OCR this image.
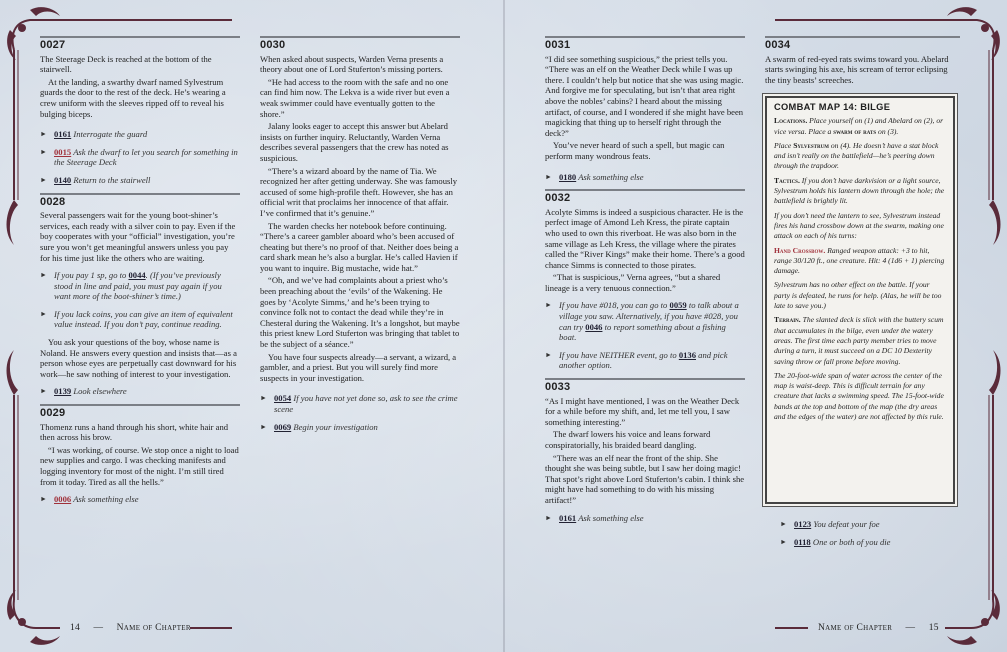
0027

The Steerage Deck is reached at the bottom of the stairwell.

At the landing, a swarthy dwarf named Sylvestrum guards the door to the rest of the deck. He’s wearing a crew uniform with the sleeves ripped off to reveal his bulging biceps.

► 0161 Interrogate the guard
► 0015 Ask the dwarf to let you search for something in the Steerage Deck
► 0140 Return to the stairwell
0028

Several passengers wait for the young boot-shiner’s services, each ready with a silver coin to pay. Even if the boy cooperates with your “official” investigation, you’re sure you won’t get meaningful answers unless you pay for his time just like the others who are waiting.

► If you pay 1 sp, go to 0044. (If you’ve previously stood in line and paid, you must pay again if you want more of the boot-shiner’s time.)
► If you lack coins, you can give an item of equivalent value instead. If you don’t pay, continue reading.

You ask your questions of the boy, whose name is Noland. He answers every question and insists that—as a person whose eyes are perpetually cast downward for his work—he saw nothing of interest to your investigation.

► 0139 Look elsewhere
0029

Thomenz runs a hand through his short, white hair and then across his brow.

“I was working, of course. We stop once a night to load new supplies and cargo. I was checking manifests and logging inventory for most of the night. I’m still tired from it today. Tired as all the hells.”

► 0006 Ask something else
0030

When asked about suspects, Warden Verna presents a theory about one of Lord Stuferton’s missing porters.

“He had access to the room with the safe and no one can find him now. The Lekva is a wide river but even a weak swimmer could have eventually gotten to the shore.”

Jalany looks eager to accept this answer but Abelard insists on further inquiry. Reluctantly, Warden Verna describes several passengers that the crew has noted as suspicious.

“There’s a wizard aboard by the name of Tia. We recognized her after getting underway. She was famously accused of some high-profile theft. However, she has an official writ that proclaims her innocence of that affair. I’ve confirmed that it’s genuine.”

The warden checks her notebook before continuing. “There’s a career gambler aboard who’s been accused of cheating but there’s no proof of that. Neither does being a card shark mean he’s also a burglar. He’s called Havien if you want to inquire. Big mustache, wide hat.”

“Oh, and we’ve had complaints about a priest who’s been preaching about the ‘evils’ of the Wakening. He goes by ‘Acolyte Simms,’ and he’s been trying to convince folk not to contact the dead while they’re in Chesteral during the Wakening. It’s a longshot, but maybe this priest knew Lord Stuferton was bringing that tablet to be the subject of a séance.”

You have four suspects already—a servant, a wizard, a gambler, and a priest. But you will surely find more suspects in your investigation.

► 0054 If you have not yet done so, ask to see the crime scene
► 0069 Begin your investigation
0031

“I did see something suspicious,” the priest tells you. “There was an elf on the Weather Deck while I was up there. I couldn’t help but notice that she was using magic. And forgive me for speculating, but isn’t that area right above the nobles’ cabins? I heard about the missing artifact, of course, and I wondered if she might have been magicking that thing up to herself right through the deck?”

You’ve never heard of such a spell, but magic can perform many wondrous feats.

► 0180 Ask something else
0032

Acolyte Simms is indeed a suspicious character. He is the perfect image of Amond Leh Kress, the pirate captain who used to own this riverboat. He was also born in the same village as Leh Kress, the village where the pirates called the “River Kings” make their home. There’s a good chance Simms is connected to those pirates.

“That is suspicious,” Verna agrees, “but a shared lineage is a very tenuous connection.”

► If you have #018, you can go to 0059 to talk about a village you saw. Alternatively, if you have #028, you can try 0046 to report something about a fishing boat.
► If you have NEITHER event, go to 0136 and pick another option.
0033

“As I might have mentioned, I was on the Weather Deck for a while before my shift, and, let me tell you, I saw something interesting.”

The dwarf lowers his voice and leans forward conspiratorially, his braided beard dangling.

“There was an elf near the front of the ship. She thought she was being subtle, but I saw her doing magic! That spot’s right above Lord Stuferton’s cabin. I think she might have had something to do with his missing artifact!”

► 0161 Ask something else
0034

A swarm of red-eyed rats swims toward you. Abelard starts swinging his axe, his scream of terror eclipsing the tiny beasts’ screeches.

COMBAT MAP 14: BILGE

Locations. Place yourself on (1) and Abelard on (2), or vice versa. Place a swarm of rats on (3).

Place Sylvestrum on (4). He doesn’t have a stat block and isn’t really on the battlefield—he’s peering down through the trapdoor.

Tactics. If you don’t have darkvision or a light source, Sylvestrum holds his lantern down through the hole; the battlefield is brightly lit.

If you don’t need the lantern to see, Sylvestrum instead fires his hand crossbow down at the swarm, making one attack on each of his turns:

Hand Crossbow. Ranged weapon attack: +3 to hit, range 30/120 ft., one creature. Hit: 4 (1d6 + 1) piercing damage.

Sylvestrum has no other effect on the battle. If your party is defeated, he runs for help. (Alas, he will be too late to save you.)

Terrain. The slanted deck is slick with the buttery scum that accumulates in the bilge, even under the watery areas. The first time each party member tries to move during a turn, it must succeed on a DC 10 Dexterity saving throw or fall prone before moving.

The 20-foot-wide span of water across the center of the map is waist-deep. This is difficult terrain for any creature that lacks a swimming speed. The 15-foot-wide bands at the top and bottom of the map (the dry areas and the edges of the water) are not affected by this rule.

► 0123 You defeat your foe
► 0118 One or both of you die
14     —     Name of Chapter	Name of Chapter     —     15
